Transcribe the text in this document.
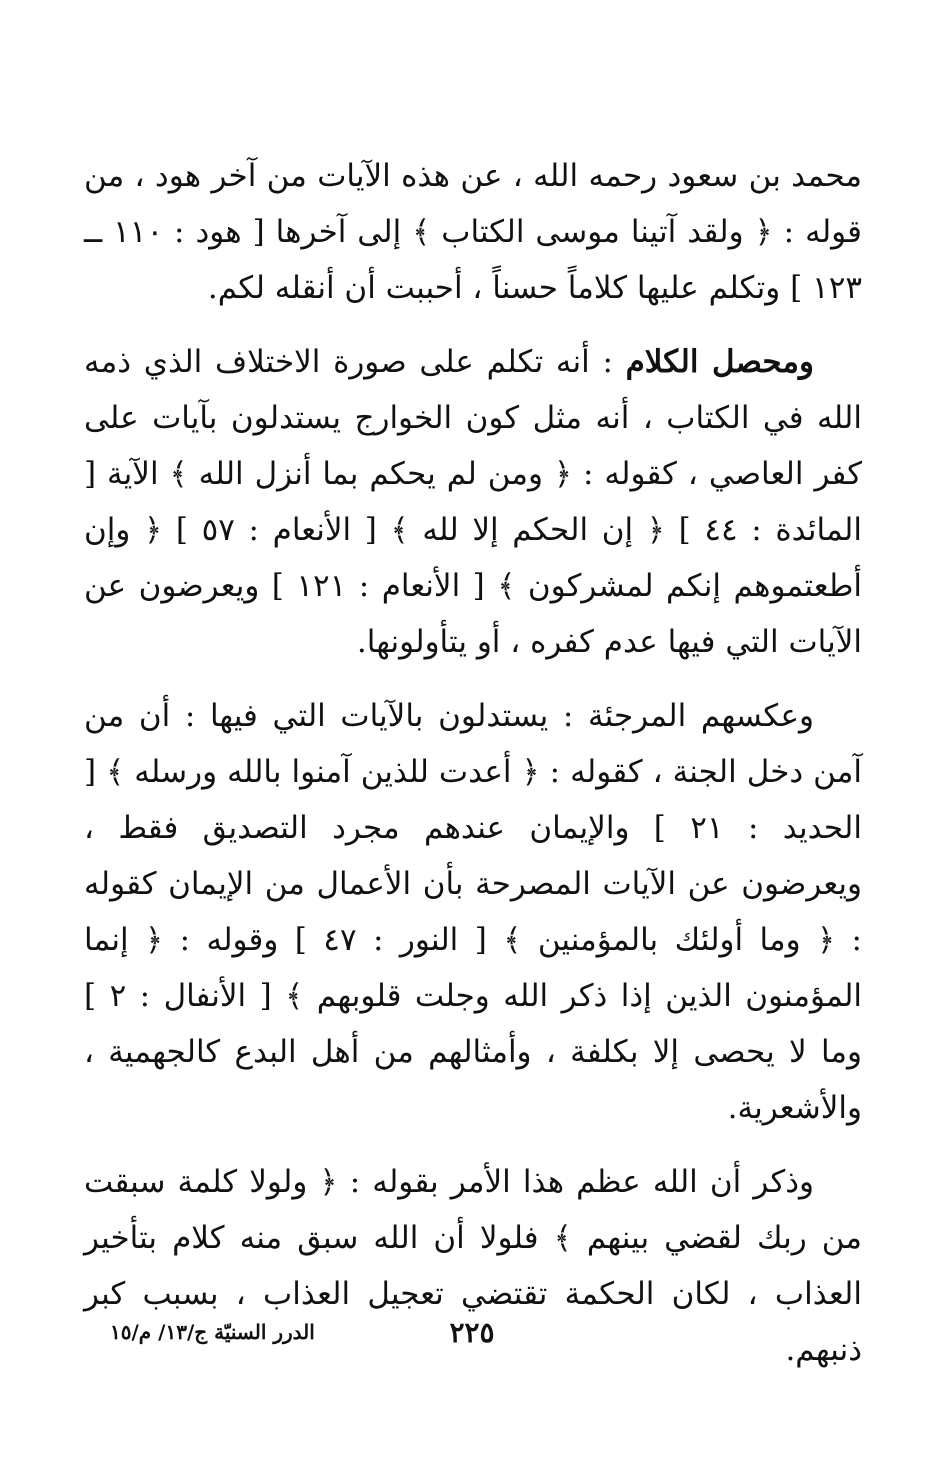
محمد بن سعود رحمه الله ، عن هذه الآيات من آخر هود ، من قوله : ﴿ ولقد آتينا موسى الكتاب ﴾ إلى آخرها [ هود : ١١٠ ــ ١٢٣ ] وتكلم عليها كلاماً حسناً ، أحببت أن أنقله لكم.

ومحصل الكلام : أنه تكلم على صورة الاختلاف الذي ذمه الله في الكتاب ، أنه مثل كون الخوارج يستدلون بآيات على كفر العاصي ، كقوله : ﴿ ومن لم يحكم بما أنزل الله ﴾ الآية [ المائدة : ٤٤ ] ﴿ إن الحكم إلا لله ﴾ [ الأنعام : ٥٧ ] ﴿ وإن أطعتموهم إنكم لمشركون ﴾ [ الأنعام : ١٢١ ] ويعرضون عن الآيات التي فيها عدم كفره ، أو يتأولونها.

وعكسهم المرجئة : يستدلون بالآيات التي فيها : أن من آمن دخل الجنة ، كقوله : ﴿ أعدت للذين آمنوا بالله ورسله ﴾ [ الحديد : ٢١ ] والإيمان عندهم مجرد التصديق فقط ، ويعرضون عن الآيات المصرحة بأن الأعمال من الإيمان كقوله : ﴿ وما أولئك بالمؤمنين ﴾ [ النور : ٤٧ ] وقوله : ﴿ إنما المؤمنون الذين إذا ذكر الله وجلت قلوبهم ﴾ [ الأنفال : ٢ ] وما لا يحصى إلا بكلفة ، وأمثالهم من أهل البدع كالجهمية ، والأشعرية.

وذكر أن الله عظم هذا الأمر بقوله : ﴿ ولولا كلمة سبقت من ربك لقضي بينهم ﴾ فلولا أن الله سبق منه كلام بتأخير العذاب ، لكان الحكمة تقتضي تعجيل العذاب ، بسبب كبر ذنبهم.

٢٢٥
الدرر السنيّة ج/١٣/ م/١٥
